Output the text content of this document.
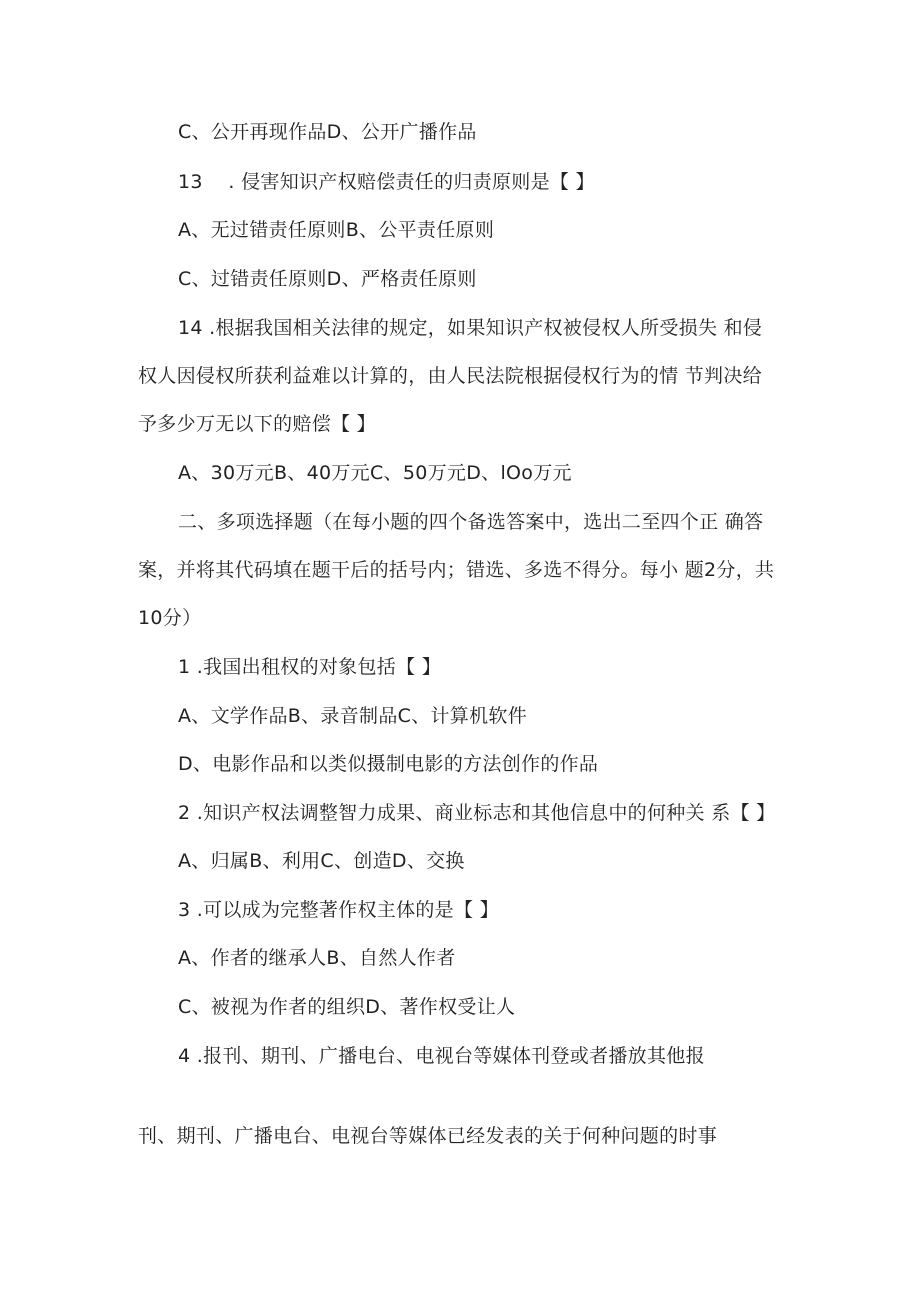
C、公开再现作品D、公开广播作品
13　 . 侵害知识产权赔偿责任的归责原则是【 】
A、无过错责任原则B、公平责任原则
C、过错责任原则D、严格责任原则
14 .根据我国相关法律的规定，如果知识产权被侵权人所受损失 和侵
权人因侵权所获利益难以计算的，由人民法院根据侵权行为的情 节判决给
予多少万无以下的赔偿【 】
A、30万元B、40万元C、50万元D、lOo万元
二、多项选择题（在每小题的四个备选答案中，选出二至四个正 确答
案，并将其代码填在题干后的括号内；错选、多选不得分。每小 题2分，共
10分）
1 .我国出租权的对象包括【 】
A、文学作品B、录音制品C、计算机软件
D、电影作品和以类似摄制电影的方法创作的作品
2 .知识产权法调整智力成果、商业标志和其他信息中的何种关 系【 】
A、归属B、利用C、创造D、交换
3 .可以成为完整著作权主体的是【 】
A、作者的继承人B、自然人作者
C、被视为作者的组织D、著作权受让人
4 .报刊、期刊、广播电台、电视台等媒体刊登或者播放其他报
刊、期刊、广播电台、电视台等媒体已经发表的关于何种问题的时事
